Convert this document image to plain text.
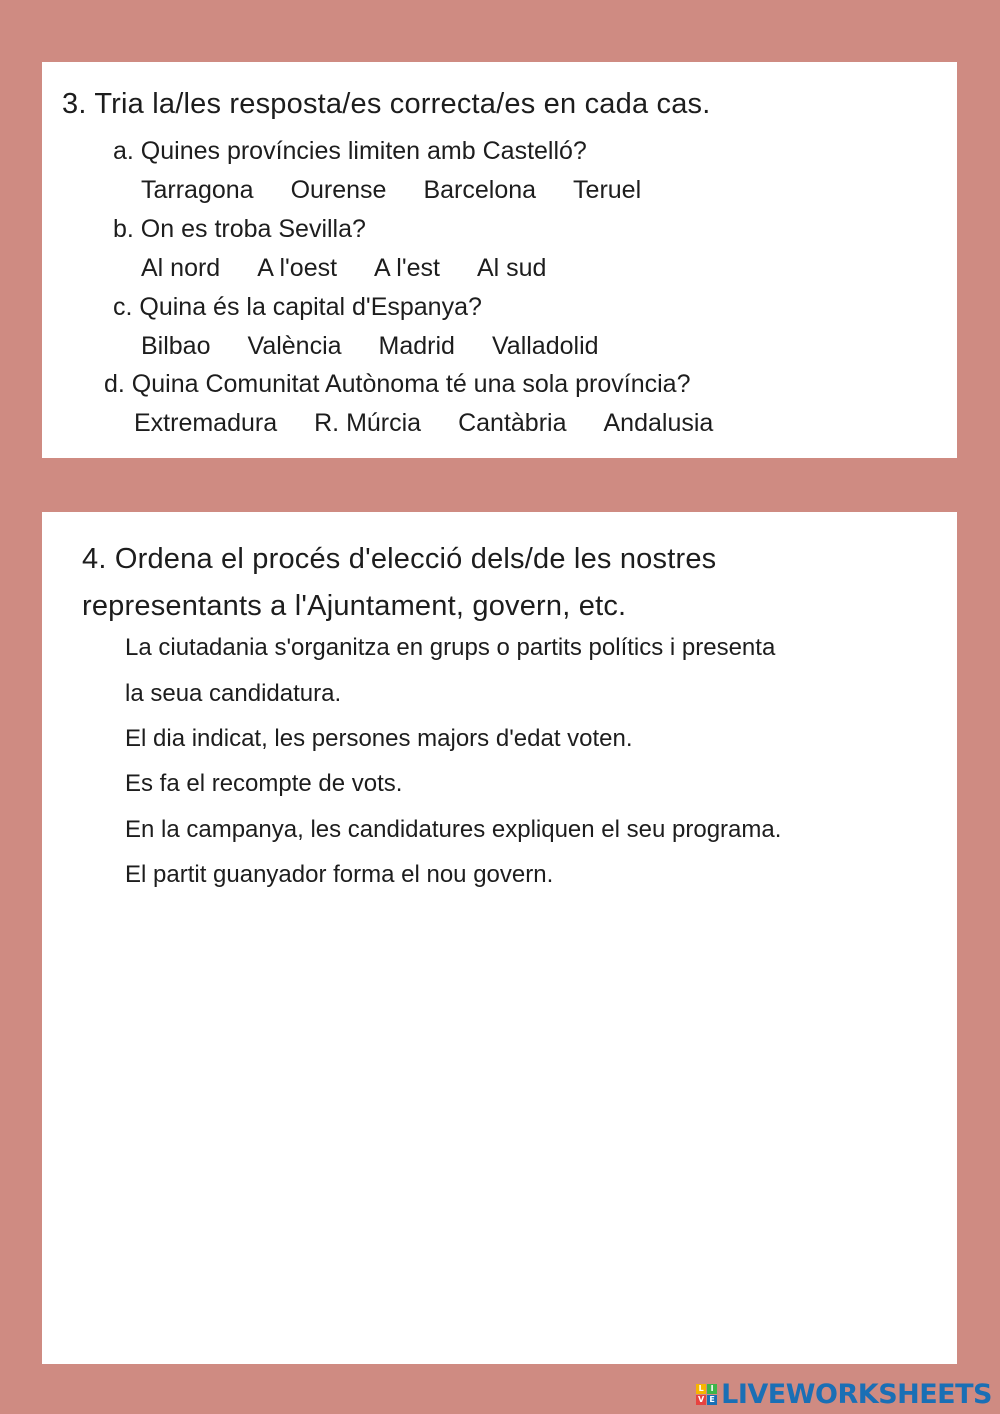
3. Tria la/les resposta/es correcta/es en cada cas.
a. Quines províncies limiten amb Castelló?
Tarragona Ourense Barcelona Teruel
b. On es troba Sevilla?
Al nord A l'oest A l'est Al sud
c. Quina és la capital d'Espanya?
Bilbao València Madrid Valladolid
d. Quina Comunitat Autònoma té una sola província?
Extremadura R. Múrcia Cantàbria Andalusia
4. Ordena el procés d'elecció dels/de les nostres representants a l'Ajuntament, govern, etc.
La ciutadania s'organitza en grups o partits polítics i presenta
la seua candidatura.
El dia indicat, les persones majors d'edat voten.
Es fa el recompte de vots.
En la campanya, les candidatures expliquen el seu programa.
El partit guanyador forma el nou govern.
L I
V E LIVEWORKSHEETS
